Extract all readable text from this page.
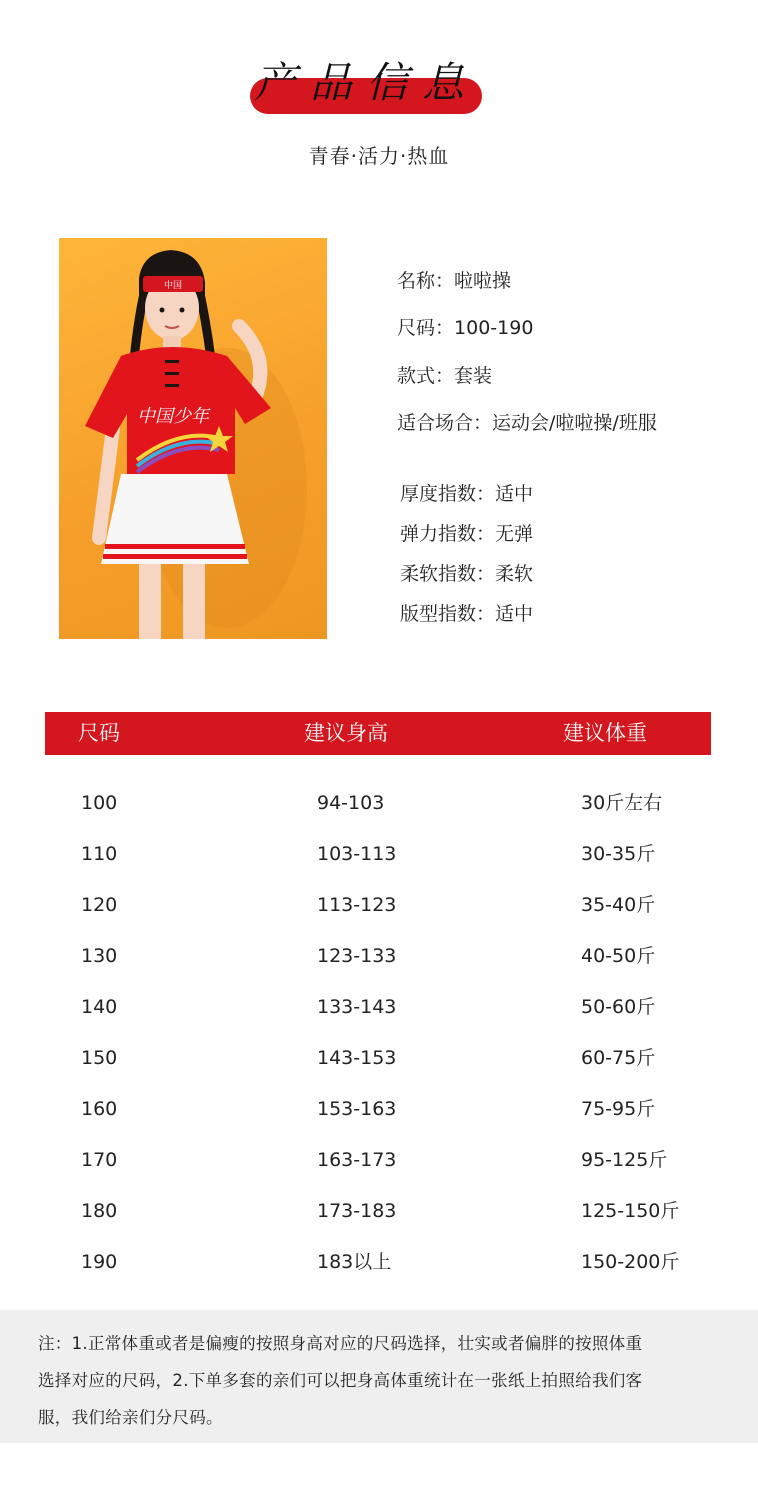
产品信息
青春·活力·热血
中国
中国少年
名称：啦啦操
尺码：100-190
款式：套装
适合场合：运动会/啦啦操/班服
厚度指数：适中
弹力指数：无弹
柔软指数：柔软
版型指数：适中
尺码	建议身高	建议体重
100	94-103	30斤左右
110	103-113	30-35斤
120	113-123	35-40斤
130	123-133	40-50斤
140	133-143	50-60斤
150	143-153	60-75斤
160	153-163	75-95斤
170	163-173	95-125斤
180	173-183	125-150斤
190	183以上	150-200斤
注：1.正常体重或者是偏瘦的按照身高对应的尺码选择，壮实或者偏胖的按照体重
选择对应的尺码，2.下单多套的亲们可以把身高体重统计在一张纸上拍照给我们客
服，我们给亲们分尺码。
